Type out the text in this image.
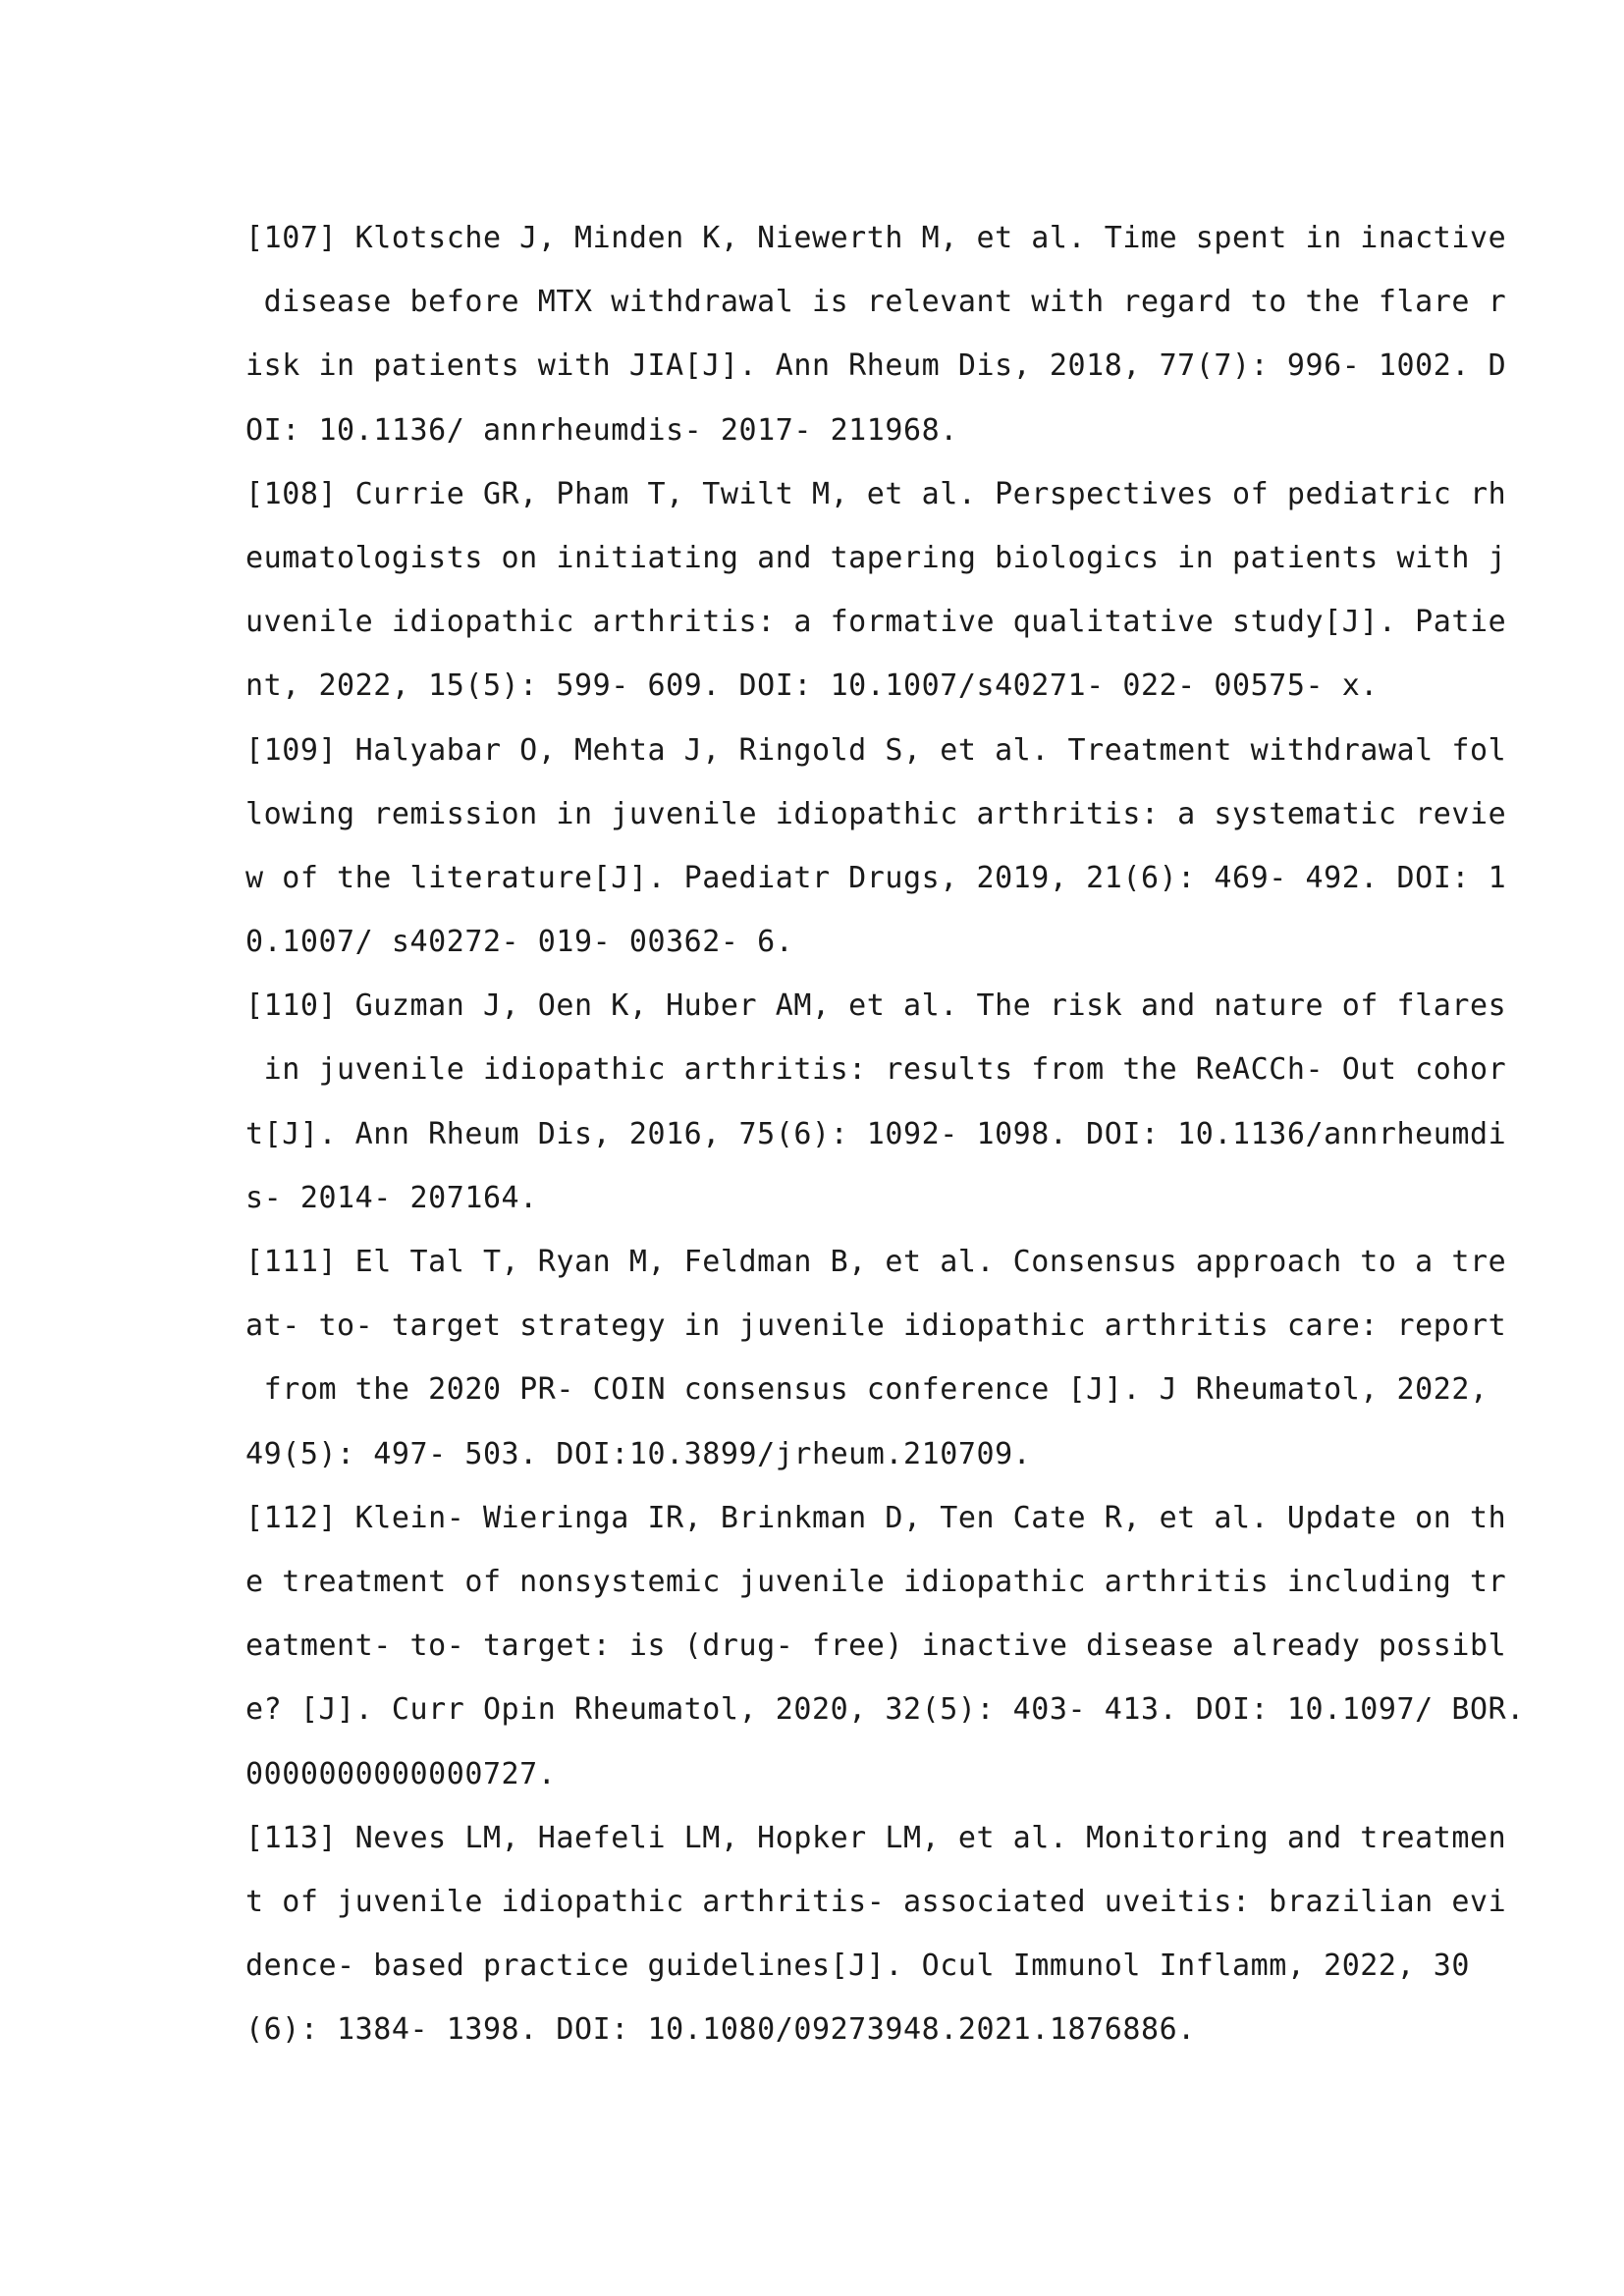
[107] Klotsche J, Minden K, Niewerth M, et al. Time spent in inactive
disease before MTX withdrawal is relevant with regard to the flare r
isk in patients with JIA[J]. Ann Rheum Dis, 2018, 77(7): 996- 1002. D
OI: 10.1136/ annrheumdis- 2017- 211968.
[108] Currie GR, Pham T, Twilt M, et al. Perspectives of pediatric rh
eumatologists on initiating and tapering biologics in patients with j
uvenile idiopathic arthritis: a formative qualitative study[J]. Patie
nt, 2022, 15(5): 599- 609. DOI: 10.1007/s40271- 022- 00575- x.
[109] Halyabar O, Mehta J, Ringold S, et al. Treatment withdrawal fol
lowing remission in juvenile idiopathic arthritis: a systematic revie
w of the literature[J]. Paediatr Drugs, 2019, 21(6): 469- 492. DOI: 1
0.1007/ s40272- 019- 00362- 6.
[110] Guzman J, Oen K, Huber AM, et al. The risk and nature of flares
in juvenile idiopathic arthritis: results from the ReACCh- Out cohor
t[J]. Ann Rheum Dis, 2016, 75(6): 1092- 1098. DOI: 10.1136/annrheumdi
s- 2014- 207164.
[111] El Tal T, Ryan M, Feldman B, et al. Consensus approach to a tre
at- to- target strategy in juvenile idiopathic arthritis care: report
from the 2020 PR- COIN consensus conference [J]. J Rheumatol, 2022,
49(5): 497- 503. DOI:10.3899/jrheum.210709.
[112] Klein- Wieringa IR, Brinkman D, Ten Cate R, et al. Update on th
e treatment of nonsystemic juvenile idiopathic arthritis including tr
eatment- to- target: is (drug- free) inactive disease already possibl
e? [J]. Curr Opin Rheumatol, 2020, 32(5): 403- 413. DOI: 10.1097/ BOR.
0000000000000727.
[113] Neves LM, Haefeli LM, Hopker LM, et al. Monitoring and treatmen
t of juvenile idiopathic arthritis- associated uveitis: brazilian evi
dence- based practice guidelines[J]. Ocul Immunol Inflamm, 2022, 30
(6): 1384- 1398. DOI: 10.1080/09273948.2021.1876886.
